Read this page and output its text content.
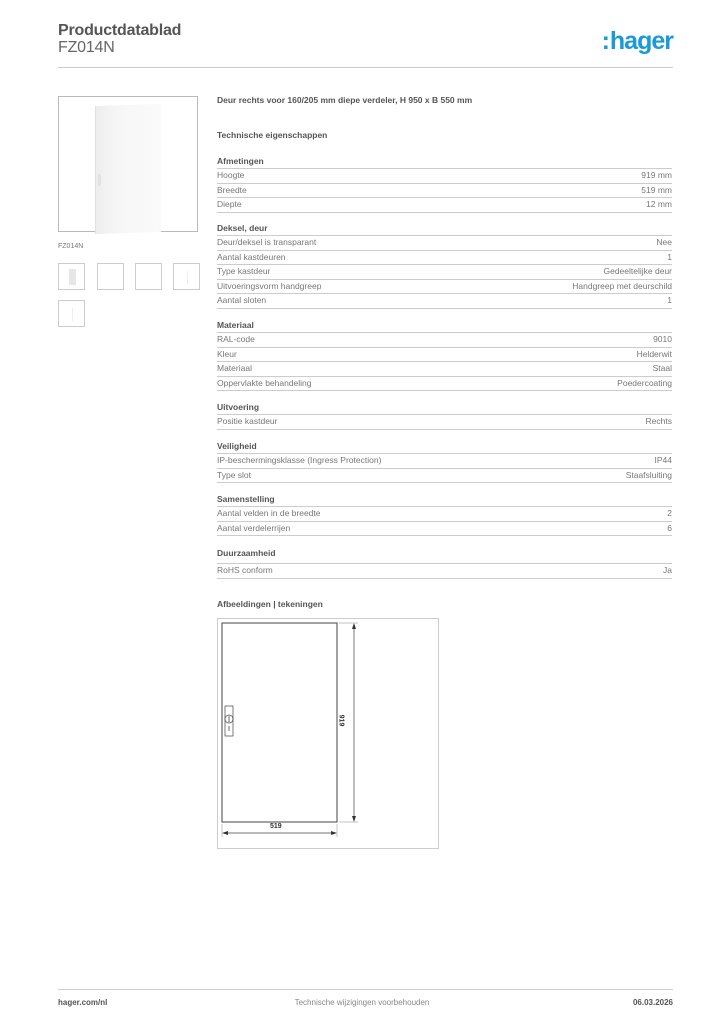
Productdatablad
FZ014N	:hager
FZ014N
Deur rechts voor 160/205 mm diepe verdeler, H 950 x B 550 mm
Technische eigenschappen
Afmetingen
Hoogte	919 mm
Breedte	519 mm
Diepte	12 mm
Deksel, deur
Deur/deksel is transparant	Nee
Aantal kastdeuren	1
Type kastdeur	Gedeeltelijke deur
Uitvoeringsvorm handgreep	Handgreep met deurschild
Aantal sloten	1
Materiaal
RAL-code	9010
Kleur	Helderwit
Materiaal	Staal
Oppervlakte behandeling	Poedercoating
Uitvoering
Positie kastdeur	Rechts
Veiligheid
IP-beschermingsklasse (Ingress Protection)	IP44
Type slot	Staafsluiting
Samenstelling
Aantal velden in de breedte	2
Aantal verdelerrijen	6
Duurzaamheid
RoHS conform	Ja
Afbeeldingen | tekeningen
919
519
hager.com/nl	Technische wijzigingen voorbehouden	06.03.2026
